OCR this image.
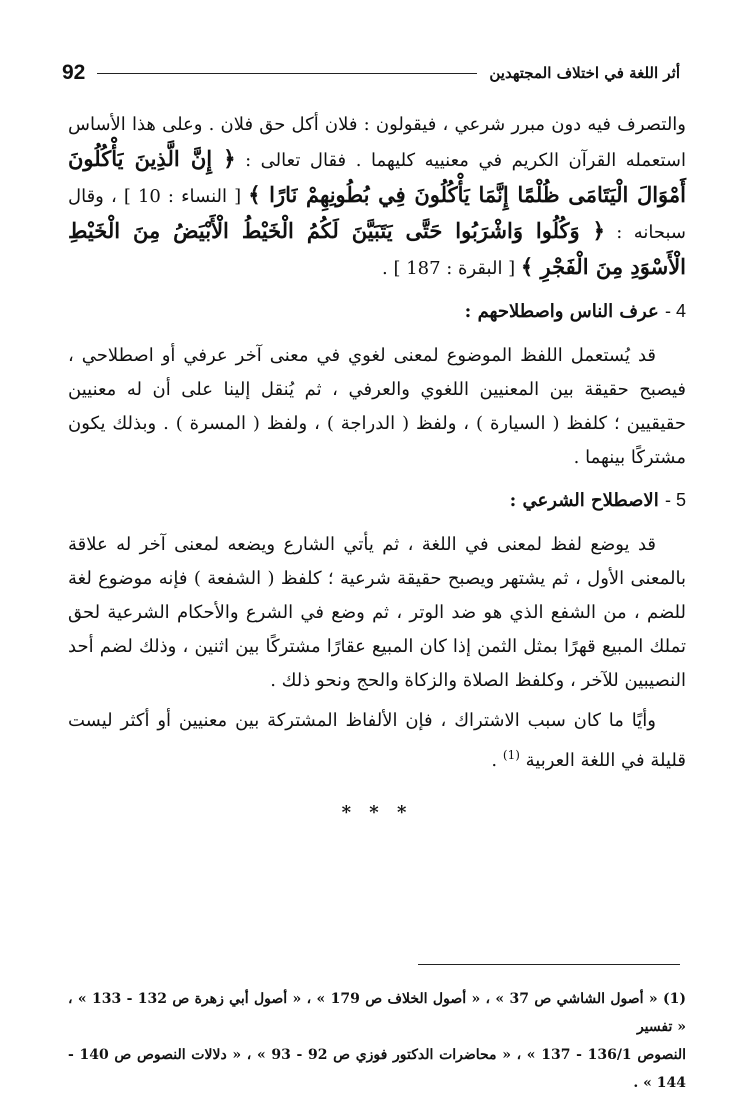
92	أثر اللغة في اختلاف المجتهدين

والتصرف فيه دون مبرر شرعي ، فيقولون : فلان أكل حق فلان . وعلى هذا الأساس استعمله القرآن الكريم في معنييه كليهما . فقال تعالى : ﴿ إِنَّ الَّذِينَ يَأْكُلُونَ أَمْوَالَ الْيَتَامَى ظُلْمًا إِنَّمَا يَأْكُلُونَ فِي بُطُونِهِمْ نَارًا ﴾ [ النساء : 10 ] ، وقال سبحانه : ﴿ وَكُلُوا وَاشْرَبُوا حَتَّى يَتَبَيَّنَ لَكُمُ الْخَيْطُ الْأَبْيَضُ مِنَ الْخَيْطِ الْأَسْوَدِ مِنَ الْفَجْرِ ﴾ [ البقرة : 187 ] .

4 - عرف الناس واصطلاحهم :

قد يُستعمل اللفظ الموضوع لمعنى لغوي في معنى آخر عرفي أو اصطلاحي ، فيصبح حقيقة بين المعنيين اللغوي والعرفي ، ثم يُنقل إلينا على أن له معنيين حقيقيين ؛ كلفظ ( السيارة ) ، ولفظ ( الدراجة ) ، ولفظ ( المسرة ) . وبذلك يكون مشتركًا بينهما .

5 - الاصطلاح الشرعي :

قد يوضع لفظ لمعنى في اللغة ، ثم يأتي الشارع ويضعه لمعنى آخر له علاقة بالمعنى الأول ، ثم يشتهر ويصبح حقيقة شرعية ؛ كلفظ ( الشفعة ) فإنه موضوع لغة للضم ، من الشفع الذي هو ضد الوتر ، ثم وضع في الشرع والأحكام الشرعية لحق تملك المبيع قهرًا بمثل الثمن إذا كان المبيع عقارًا مشتركًا بين اثنين ، وذلك لضم أحد النصيبين للآخر ، وكلفظ الصلاة والزكاة والحج ونحو ذلك .

وأيًا ما كان سبب الاشتراك ، فإن الألفاظ المشتركة بين معنيين أو أكثر ليست قليلة في اللغة العربية $^{(1)}$ .

* * *

(1) « أصول الشاشي ص 37 » ، « أصول الخلاف ص 179 » ، « أصول أبي زهرة ص 132 - 133 » ، « تفسير

النصوص 136/1 - 137 » ، « محاضرات الدكتور فوزي ص 92 - 93 » ، « دلالات النصوص ص 140 - 144 » .
